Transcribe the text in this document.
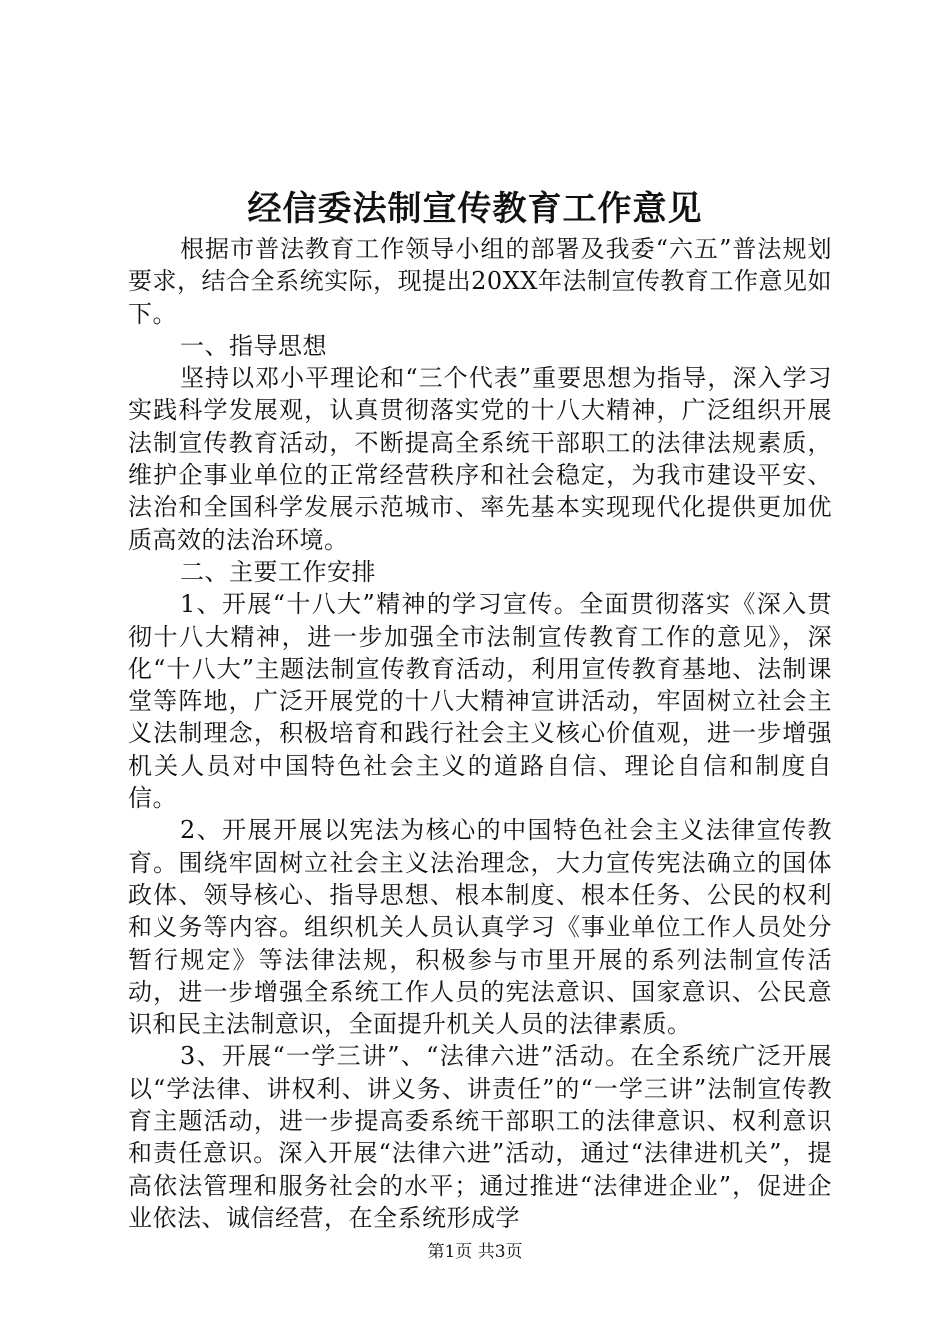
经信委法制宣传教育工作意见

根据市普法教育工作领导小组的部署及我委“六五”普法规划要求，结合全系统实际，现提出20XX年法制宣传教育工作意见如下。

一、指导思想

坚持以邓小平理论和“三个代表”重要思想为指导，深入学习实践科学发展观，认真贯彻落实党的十八大精神，广泛组织开展法制宣传教育活动，不断提高全系统干部职工的法律法规素质，维护企事业单位的正常经营秩序和社会稳定，为我市建设平安、法治和全国科学发展示范城市、率先基本实现现代化提供更加优质高效的法治环境。

二、主要工作安排

1、开展“十八大”精神的学习宣传。全面贯彻落实《深入贯彻十八大精神，进一步加强全市法制宣传教育工作的意见》，深化“十八大”主题法制宣传教育活动，利用宣传教育基地、法制课堂等阵地，广泛开展党的十八大精神宣讲活动，牢固树立社会主义法制理念，积极培育和践行社会主义核心价值观，进一步增强机关人员对中国特色社会主义的道路自信、理论自信和制度自信。

2、开展开展以宪法为核心的中国特色社会主义法律宣传教育。围绕牢固树立社会主义法治理念，大力宣传宪法确立的国体政体、领导核心、指导思想、根本制度、根本任务、公民的权利和义务等内容。组织机关人员认真学习《事业单位工作人员处分暂行规定》等法律法规，积极参与市里开展的系列法制宣传活动，进一步增强全系统工作人员的宪法意识、国家意识、公民意识和民主法制意识，全面提升机关人员的法律素质。

3、开展“一学三讲”、“法律六进”活动。在全系统广泛开展以“学法律、讲权利、讲义务、讲责任”的“一学三讲”法制宣传教育主题活动，进一步提高委系统干部职工的法律意识、权利意识和责任意识。深入开展“法律六进”活动，通过“法律进机关”，提高依法管理和服务社会的水平；通过推进“法律进企业”，促进企业依法、诚信经营，在全系统形成学

第1页 共3页
